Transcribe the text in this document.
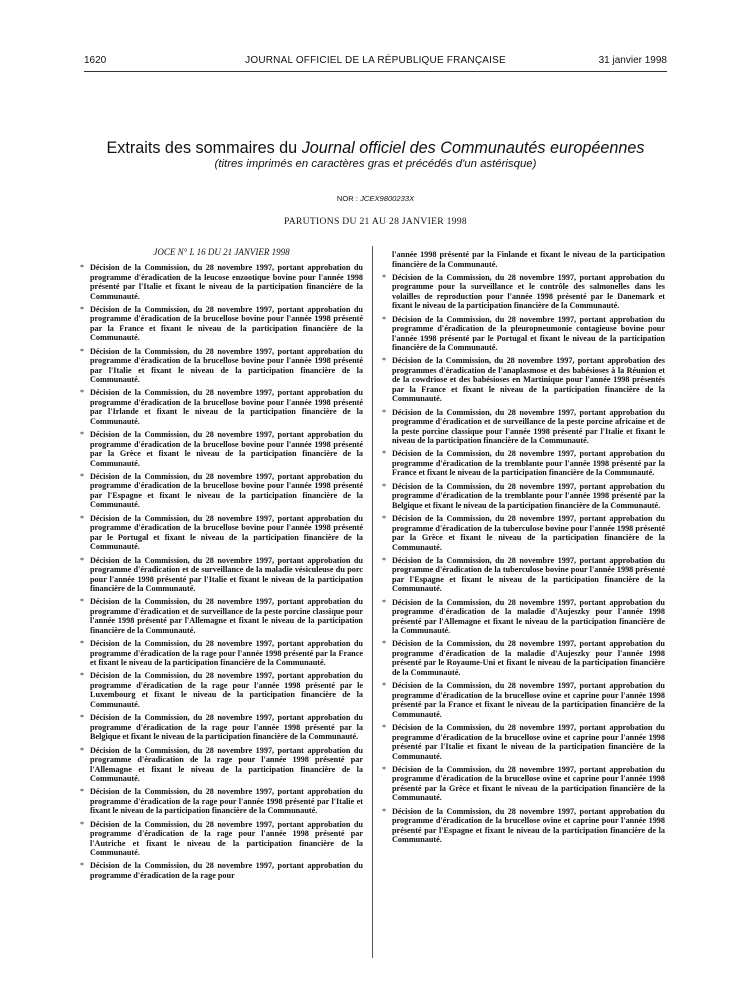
1620	JOURNAL OFFICIEL DE LA RÉPUBLIQUE FRANÇAISE	31 janvier 1998
Extraits des sommaires du Journal officiel des Communautés européennes
(titres imprimés en caractères gras et précédés d'un astérisque)
NOR : JCEX9800233X
PARUTIONS DU 21 AU 28 JANVIER 1998
JOCE N° L 16 DU 21 JANVIER 1998
* Décision de la Commission, du 28 novembre 1997, portant approbation du programme d'éradication de la leucose enzootique bovine pour l'année 1998 présenté par l'Italie et fixant le niveau de la participation financière de la Communauté.
* Décision de la Commission, du 28 novembre 1997, portant approbation du programme d'éradication de la brucellose bovine pour l'année 1998 présenté par la France et fixant le niveau de la participation financière de la Communauté.
* Décision de la Commission, du 28 novembre 1997, portant approbation du programme d'éradication de la brucellose bovine pour l'année 1998 présenté par l'Italie et fixant le niveau de la participation financière de la Communauté.
* Décision de la Commission, du 28 novembre 1997, portant approbation du programme d'éradication de la brucellose bovine pour l'année 1998 présenté par l'Irlande et fixant le niveau de la participation financière de la Communauté.
* Décision de la Commission, du 28 novembre 1997, portant approbation du programme d'éradication de la brucellose bovine pour l'année 1998 présenté par la Grèce et fixant le niveau de la participation financière de la Communauté.
* Décision de la Commission, du 28 novembre 1997, portant approbation du programme d'éradication de la brucellose bovine pour l'année 1998 présenté par l'Espagne et fixant le niveau de la participation financière de la Communauté.
* Décision de la Commission, du 28 novembre 1997, portant approbation du programme d'éradication de la brucellose bovine pour l'année 1998 présenté par le Portugal et fixant le niveau de la participation financière de la Communauté.
* Décision de la Commission, du 28 novembre 1997, portant approbation du programme d'éradication et de surveillance de la maladie vésiculeuse du porc pour l'année 1998 présenté par l'Italie et fixant le niveau de la participation financière de la Communauté.
* Décision de la Commission, du 28 novembre 1997, portant approbation du programme d'éradication et de surveillance de la peste porcine classique pour l'année 1998 présenté par l'Allemagne et fixant le niveau de la participation financière de la Communauté.
* Décision de la Commission, du 28 novembre 1997, portant approbation du programme d'éradication de la rage pour l'année 1998 présenté par la France et fixant le niveau de la participation financière de la Communauté.
* Décision de la Commission, du 28 novembre 1997, portant approbation du programme d'éradication de la rage pour l'année 1998 présenté par le Luxembourg et fixant le niveau de la participation financière de la Communauté.
* Décision de la Commission, du 28 novembre 1997, portant approbation du programme d'éradication de la rage pour l'année 1998 présenté par la Belgique et fixant le niveau de la participation financière de la Communauté.
* Décision de la Commission, du 28 novembre 1997, portant approbation du programme d'éradication de la rage pour l'année 1998 présenté par l'Allemagne et fixant le niveau de la participation financière de la Communauté.
* Décision de la Commission, du 28 novembre 1997, portant approbation du programme d'éradication de la rage pour l'année 1998 présenté par l'Italie et fixant le niveau de la participation financière de la Communauté.
* Décision de la Commission, du 28 novembre 1997, portant approbation du programme d'éradication de la rage pour l'année 1998 présenté par l'Autriche et fixant le niveau de la participation financière de la Communauté.
* Décision de la Commission, du 28 novembre 1997, portant approbation du programme d'éradication de la rage pour
l'année 1998 présenté par la Finlande et fixant le niveau de la participation financière de la Communauté.
* Décision de la Commission, du 28 novembre 1997, portant approbation du programme pour la surveillance et le contrôle des salmonelles dans les volailles de reproduction pour l'année 1998 présenté par le Danemark et fixant le niveau de la participation financière de la Communauté.
* Décision de la Commission, du 28 novembre 1997, portant approbation du programme d'éradication de la pleuropneumonie contagieuse bovine pour l'année 1998 présenté par le Portugal et fixant le niveau de la participation financière de la Communauté.
* Décision de la Commission, du 28 novembre 1997, portant approbation des programmes d'éradication de l'anaplasmose et des babésioses à la Réunion et de la cowdriose et des babésioses en Martinique pour l'année 1998 présentés par la France et fixant le niveau de la participation financière de la Communauté.
* Décision de la Commission, du 28 novembre 1997, portant approbation du programme d'éradication et de surveillance de la peste porcine africaine et de la peste porcine classique pour l'année 1998 présenté par l'Italie et fixant le niveau de la participation financière de la Communauté.
* Décision de la Commission, du 28 novembre 1997, portant approbation du programme d'éradication de la tremblante pour l'année 1998 présenté par la France et fixant le niveau de la participation financière de la Communauté.
* Décision de la Commission, du 28 novembre 1997, portant approbation du programme d'éradication de la tremblante pour l'année 1998 présenté par la Belgique et fixant le niveau de la participation financière de la Communauté.
* Décision de la Commission, du 28 novembre 1997, portant approbation du programme d'éradication de la tuberculose bovine pour l'année 1998 présenté par la Grèce et fixant le niveau de la participation financière de la Communauté.
* Décision de la Commission, du 28 novembre 1997, portant approbation du programme d'éradication de la tuberculose bovine pour l'année 1998 présenté par l'Espagne et fixant le niveau de la participation financière de la Communauté.
* Décision de la Commission, du 28 novembre 1997, portant approbation du programme d'éradication de la maladie d'Aujeszky pour l'année 1998 présenté par l'Allemagne et fixant le niveau de la participation financière de la Communauté.
* Décision de la Commission, du 28 novembre 1997, portant approbation du programme d'éradication de la maladie d'Aujeszky pour l'année 1998 présenté par le Royaume-Uni et fixant le niveau de la participation financière de la Communauté.
* Décision de la Commission, du 28 novembre 1997, portant approbation du programme d'éradication de la brucellose ovine et caprine pour l'année 1998 présenté par la France et fixant le niveau de la participation financière de la Communauté.
* Décision de la Commission, du 28 novembre 1997, portant approbation du programme d'éradication de la brucellose ovine et caprine pour l'année 1998 présenté par l'Italie et fixant le niveau de la participation financière de la Communauté.
* Décision de la Commission, du 28 novembre 1997, portant approbation du programme d'éradication de la brucellose ovine et caprine pour l'année 1998 présenté par la Grèce et fixant le niveau de la participation financière de la Communauté.
* Décision de la Commission, du 28 novembre 1997, portant approbation du programme d'éradication de la brucellose ovine et caprine pour l'année 1998 présenté par l'Espagne et fixant le niveau de la participation financière de la Communauté.
